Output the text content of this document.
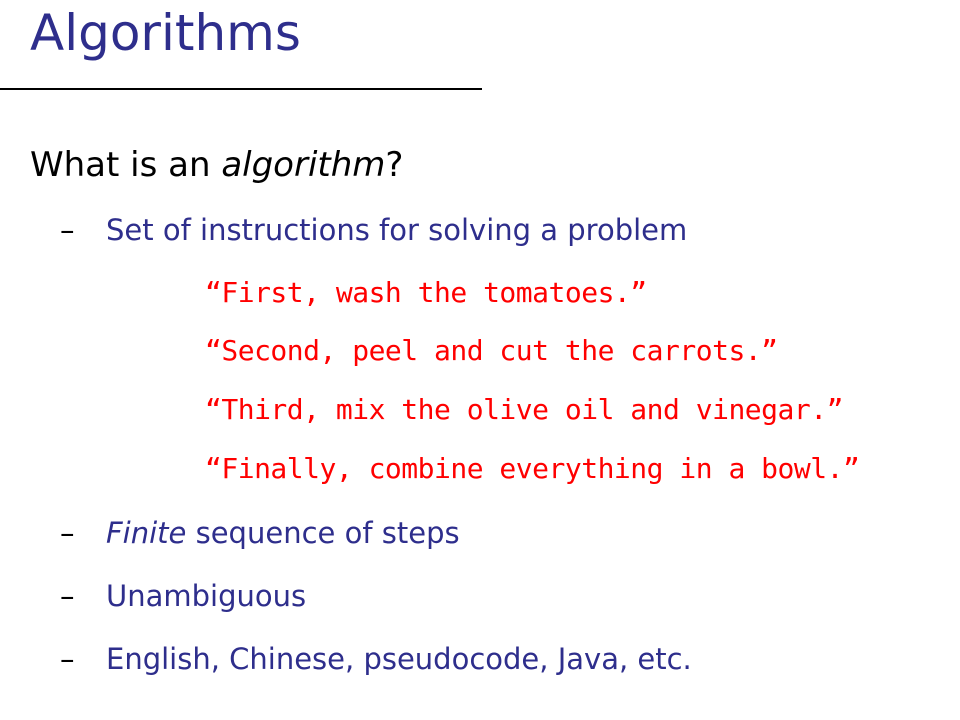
Algorithms
What is an algorithm?
– Set of instructions for solving a problem
“First, wash the tomatoes.”
“Second, peel and cut the carrots.”
“Third, mix the olive oil and vinegar.”
“Finally, combine everything in a bowl.”
– Finite sequence of steps
– Unambiguous
– English, Chinese, pseudocode, Java, etc.
